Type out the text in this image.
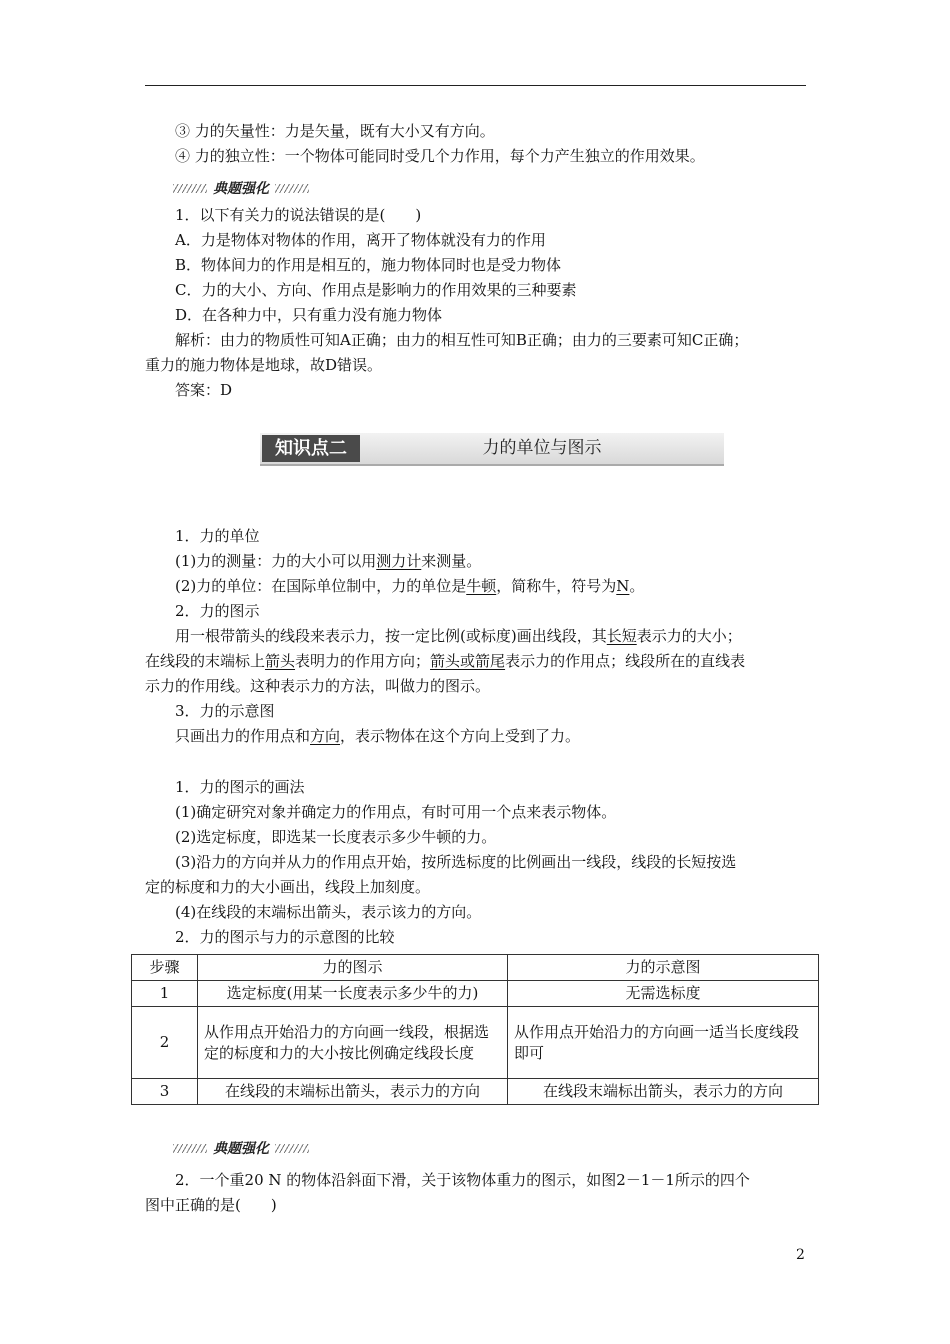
③ 力的矢量性：力是矢量，既有大小又有方向。
④ 力的独立性：一个物体可能同时受几个力作用，每个力产生独立的作用效果。
典题强化
1．以下有关力的说法错误的是(　　)
A．力是物体对物体的作用，离开了物体就没有力的作用
B．物体间力的作用是相互的，施力物体同时也是受力物体
C．力的大小、方向、作用点是影响力的作用效果的三种要素
D．在各种力中，只有重力没有施力物体
解析：由力的物质性可知A正确；由力的相互性可知B正确；由力的三要素可知C正确；
重力的施力物体是地球，故D错误。
答案：D
知识点二	力的单位与图示
1．力的单位
(1)力的测量：力的大小可以用测力计来测量。
(2)力的单位：在国际单位制中，力的单位是牛顿，简称牛，符号为N。
2．力的图示
用一根带箭头的线段来表示力，按一定比例(或标度)画出线段，其长短表示力的大小；
在线段的末端标上箭头表明力的作用方向；箭头或箭尾表示力的作用点；线段所在的直线表
示力的作用线。这种表示力的方法，叫做力的图示。
3．力的示意图
只画出力的作用点和方向，表示物体在这个方向上受到了力。
1．力的图示的画法
(1)确定研究对象并确定力的作用点，有时可用一个点来表示物体。
(2)选定标度，即选某一长度表示多少牛顿的力。
(3)沿力的方向并从力的作用点开始，按所选标度的比例画出一线段，线段的长短按选
定的标度和力的大小画出，线段上加刻度。
(4)在线段的末端标出箭头，表示该力的方向。
2．力的图示与力的示意图的比较
步骤	力的图示	力的示意图
1	选定标度(用某一长度表示多少牛的力)	无需选标度
2	从作用点开始沿力的方向画一线段，根据选定的标度和力的大小按比例确定线段长度	从作用点开始沿力的方向画一适当长度线段即可
3	在线段的末端标出箭头，表示力的方向	在线段末端标出箭头，表示力的方向
典题强化
2．一个重20 N 的物体沿斜面下滑，关于该物体重力的图示，如图2－1－1所示的四个
图中正确的是(　　)
2
